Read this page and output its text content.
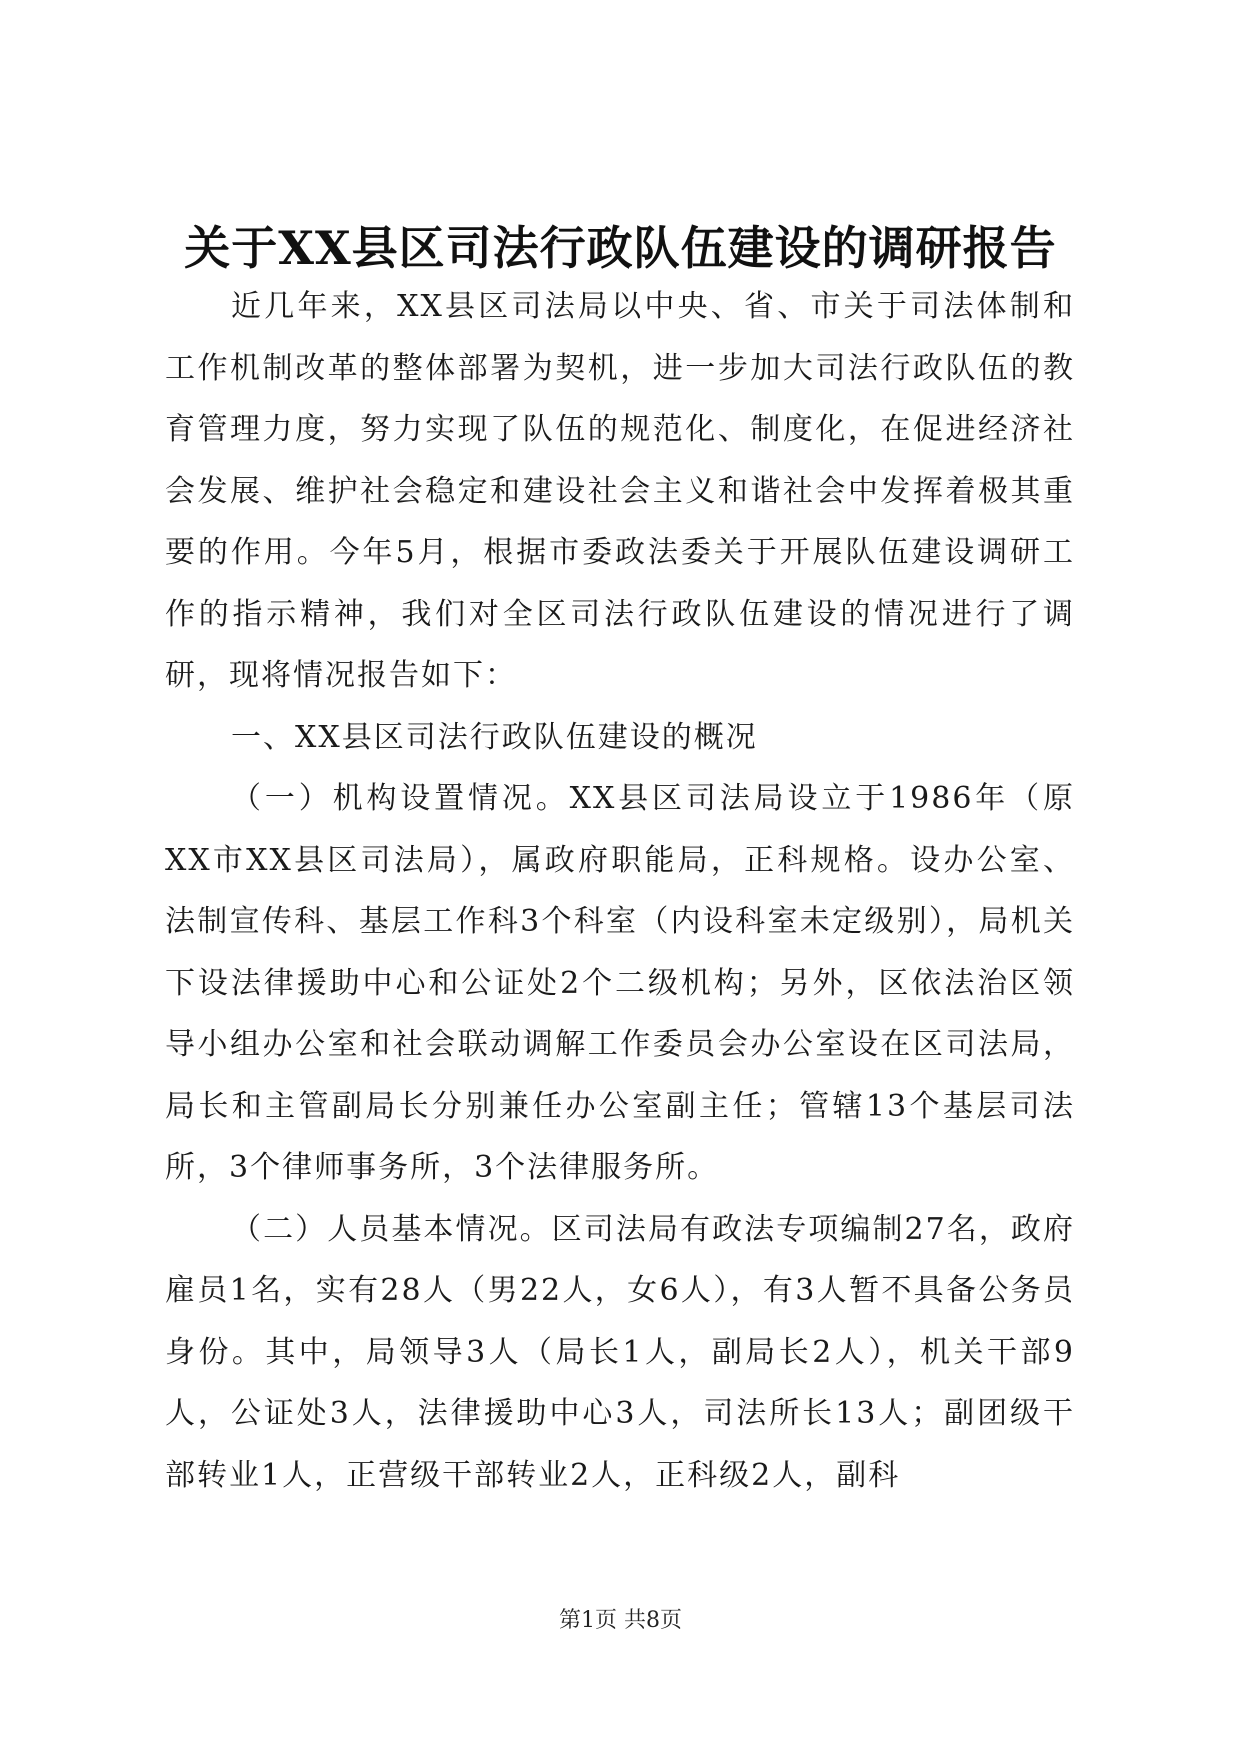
关于XX县区司法行政队伍建设的调研报告

近几年来，XX县区司法局以中央、省、市关于司法体制和工作机制改革的整体部署为契机，进一步加大司法行政队伍的教育管理力度，努力实现了队伍的规范化、制度化，在促进经济社会发展、维护社会稳定和建设社会主义和谐社会中发挥着极其重要的作用。今年5月，根据市委政法委关于开展队伍建设调研工作的指示精神，我们对全区司法行政队伍建设的情况进行了调研，现将情况报告如下：

一、XX县区司法行政队伍建设的概况

（一）机构设置情况。XX县区司法局设立于1986年（原XX市XX县区司法局），属政府职能局，正科规格。设办公室、法制宣传科、基层工作科3个科室（内设科室未定级别），局机关下设法律援助中心和公证处2个二级机构；另外，区依法治区领导小组办公室和社会联动调解工作委员会办公室设在区司法局，局长和主管副局长分别兼任办公室副主任；管辖13个基层司法所，3个律师事务所，3个法律服务所。

（二）人员基本情况。区司法局有政法专项编制27名，政府雇员1名，实有28人（男22人，女6人），有3人暂不具备公务员身份。其中，局领导3人（局长1人，副局长2人），机关干部9人，公证处3人，法律援助中心3人，司法所长13人；副团级干部转业1人，正营级干部转业2人，正科级2人，副科

第1页 共8页
